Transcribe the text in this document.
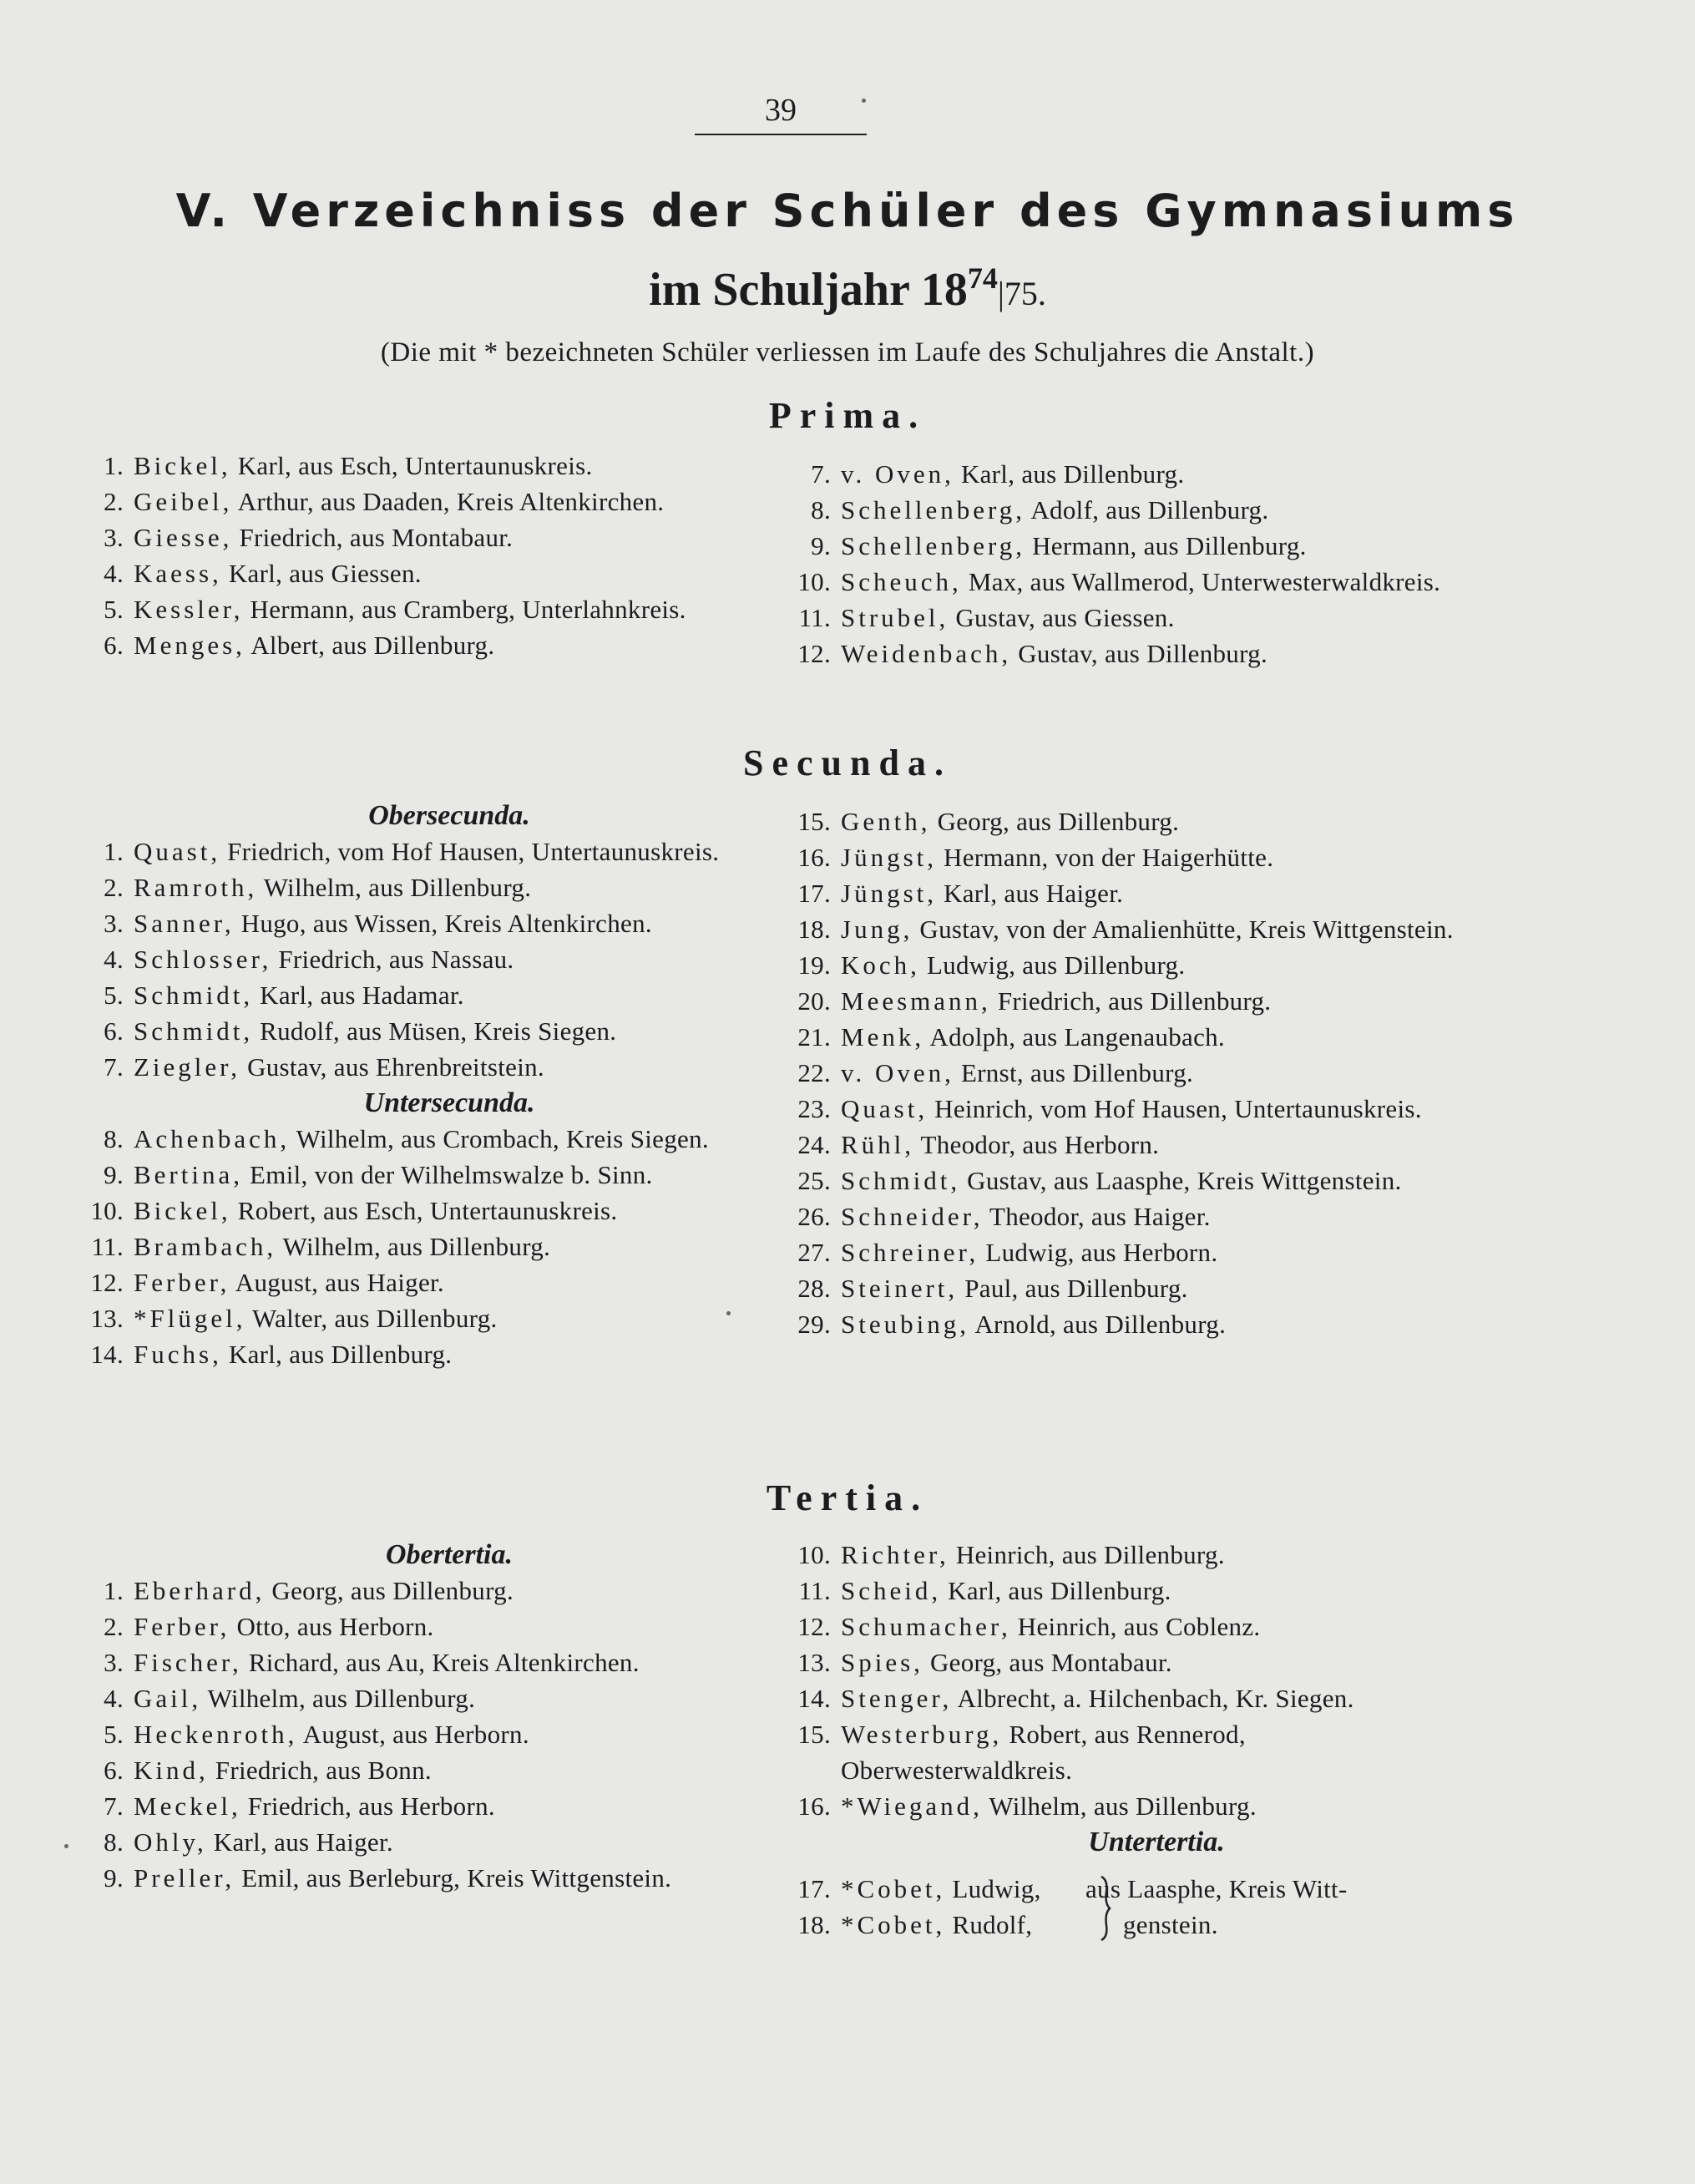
39
V. Verzeichniss der Schüler des Gymnasiums
im Schuljahr $18^{74}|75$.
(Die mit * bezeichneten Schüler verliessen im Laufe des Schuljahres die Anstalt.)
Prima.
1. Bickel, Karl, aus Esch, Untertaunuskreis.
2. Geibel, Arthur, aus Daaden, Kreis Altenkirchen.
3. Giesse, Friedrich, aus Montabaur.
4. Kaess, Karl, aus Giessen.
5. Kessler, Hermann, aus Cramberg, Unterlahnkreis.
6. Menges, Albert, aus Dillenburg.
7. v. Oven, Karl, aus Dillenburg.
8. Schellenberg, Adolf, aus Dillenburg.
9. Schellenberg, Hermann, aus Dillenburg.
10. Scheuch, Max, aus Wallmerod, Unterwesterwaldkreis.
11. Strubel, Gustav, aus Giessen.
12. Weidenbach, Gustav, aus Dillenburg.
Secunda.
Obersecunda.
1. Quast, Friedrich, vom Hof Hausen, Untertaunuskreis.
2. Ramroth, Wilhelm, aus Dillenburg.
3. Sanner, Hugo, aus Wissen, Kreis Altenkirchen.
4. Schlosser, Friedrich, aus Nassau.
5. Schmidt, Karl, aus Hadamar.
6. Schmidt, Rudolf, aus Müsen, Kreis Siegen.
7. Ziegler, Gustav, aus Ehrenbreitstein.
Untersecunda.
8. Achenbach, Wilhelm, aus Crombach, Kreis Siegen.
9. Bertina, Emil, von der Wilhelmswalze b. Sinn.
10. Bickel, Robert, aus Esch, Untertaunuskreis.
11. Brambach, Wilhelm, aus Dillenburg.
12. Ferber, August, aus Haiger.
13. *Flügel, Walter, aus Dillenburg.
14. Fuchs, Karl, aus Dillenburg.
15. Genth, Georg, aus Dillenburg.
16. Jüngst, Hermann, von der Haigerhütte.
17. Jüngst, Karl, aus Haiger.
18. Jung, Gustav, von der Amalienhütte, Kreis Wittgenstein.
19. Koch, Ludwig, aus Dillenburg.
20. Meesmann, Friedrich, aus Dillenburg.
21. Menk, Adolph, aus Langenaubach.
22. v. Oven, Ernst, aus Dillenburg.
23. Quast, Heinrich, vom Hof Hausen, Untertaunuskreis.
24. Rühl, Theodor, aus Herborn.
25. Schmidt, Gustav, aus Laasphe, Kreis Wittgenstein.
26. Schneider, Theodor, aus Haiger.
27. Schreiner, Ludwig, aus Herborn.
28. Steinert, Paul, aus Dillenburg.
29. Steubing, Arnold, aus Dillenburg.
Tertia.
Obertertia.
1. Eberhard, Georg, aus Dillenburg.
2. Ferber, Otto, aus Herborn.
3. Fischer, Richard, aus Au, Kreis Altenkirchen.
4. Gail, Wilhelm, aus Dillenburg.
5. Heckenroth, August, aus Herborn.
6. Kind, Friedrich, aus Bonn.
7. Meckel, Friedrich, aus Herborn.
8. Ohly, Karl, aus Haiger.
9. Preller, Emil, aus Berleburg, Kreis Wittgenstein.
10. Richter, Heinrich, aus Dillenburg.
11. Scheid, Karl, aus Dillenburg.
12. Schumacher, Heinrich, aus Coblenz.
13. Spies, Georg, aus Montabaur.
14. Stenger, Albrecht, a. Hilchenbach, Kr. Siegen.
15. Westerburg, Robert, aus Rennerod, Oberwesterwaldkreis.
16. *Wiegand, Wilhelm, aus Dillenburg.
Untertertia.
17. *Cobet, Ludwig, aus Laasphe, Kreis Witt-
18. *Cobet, Rudolf,	genstein.
